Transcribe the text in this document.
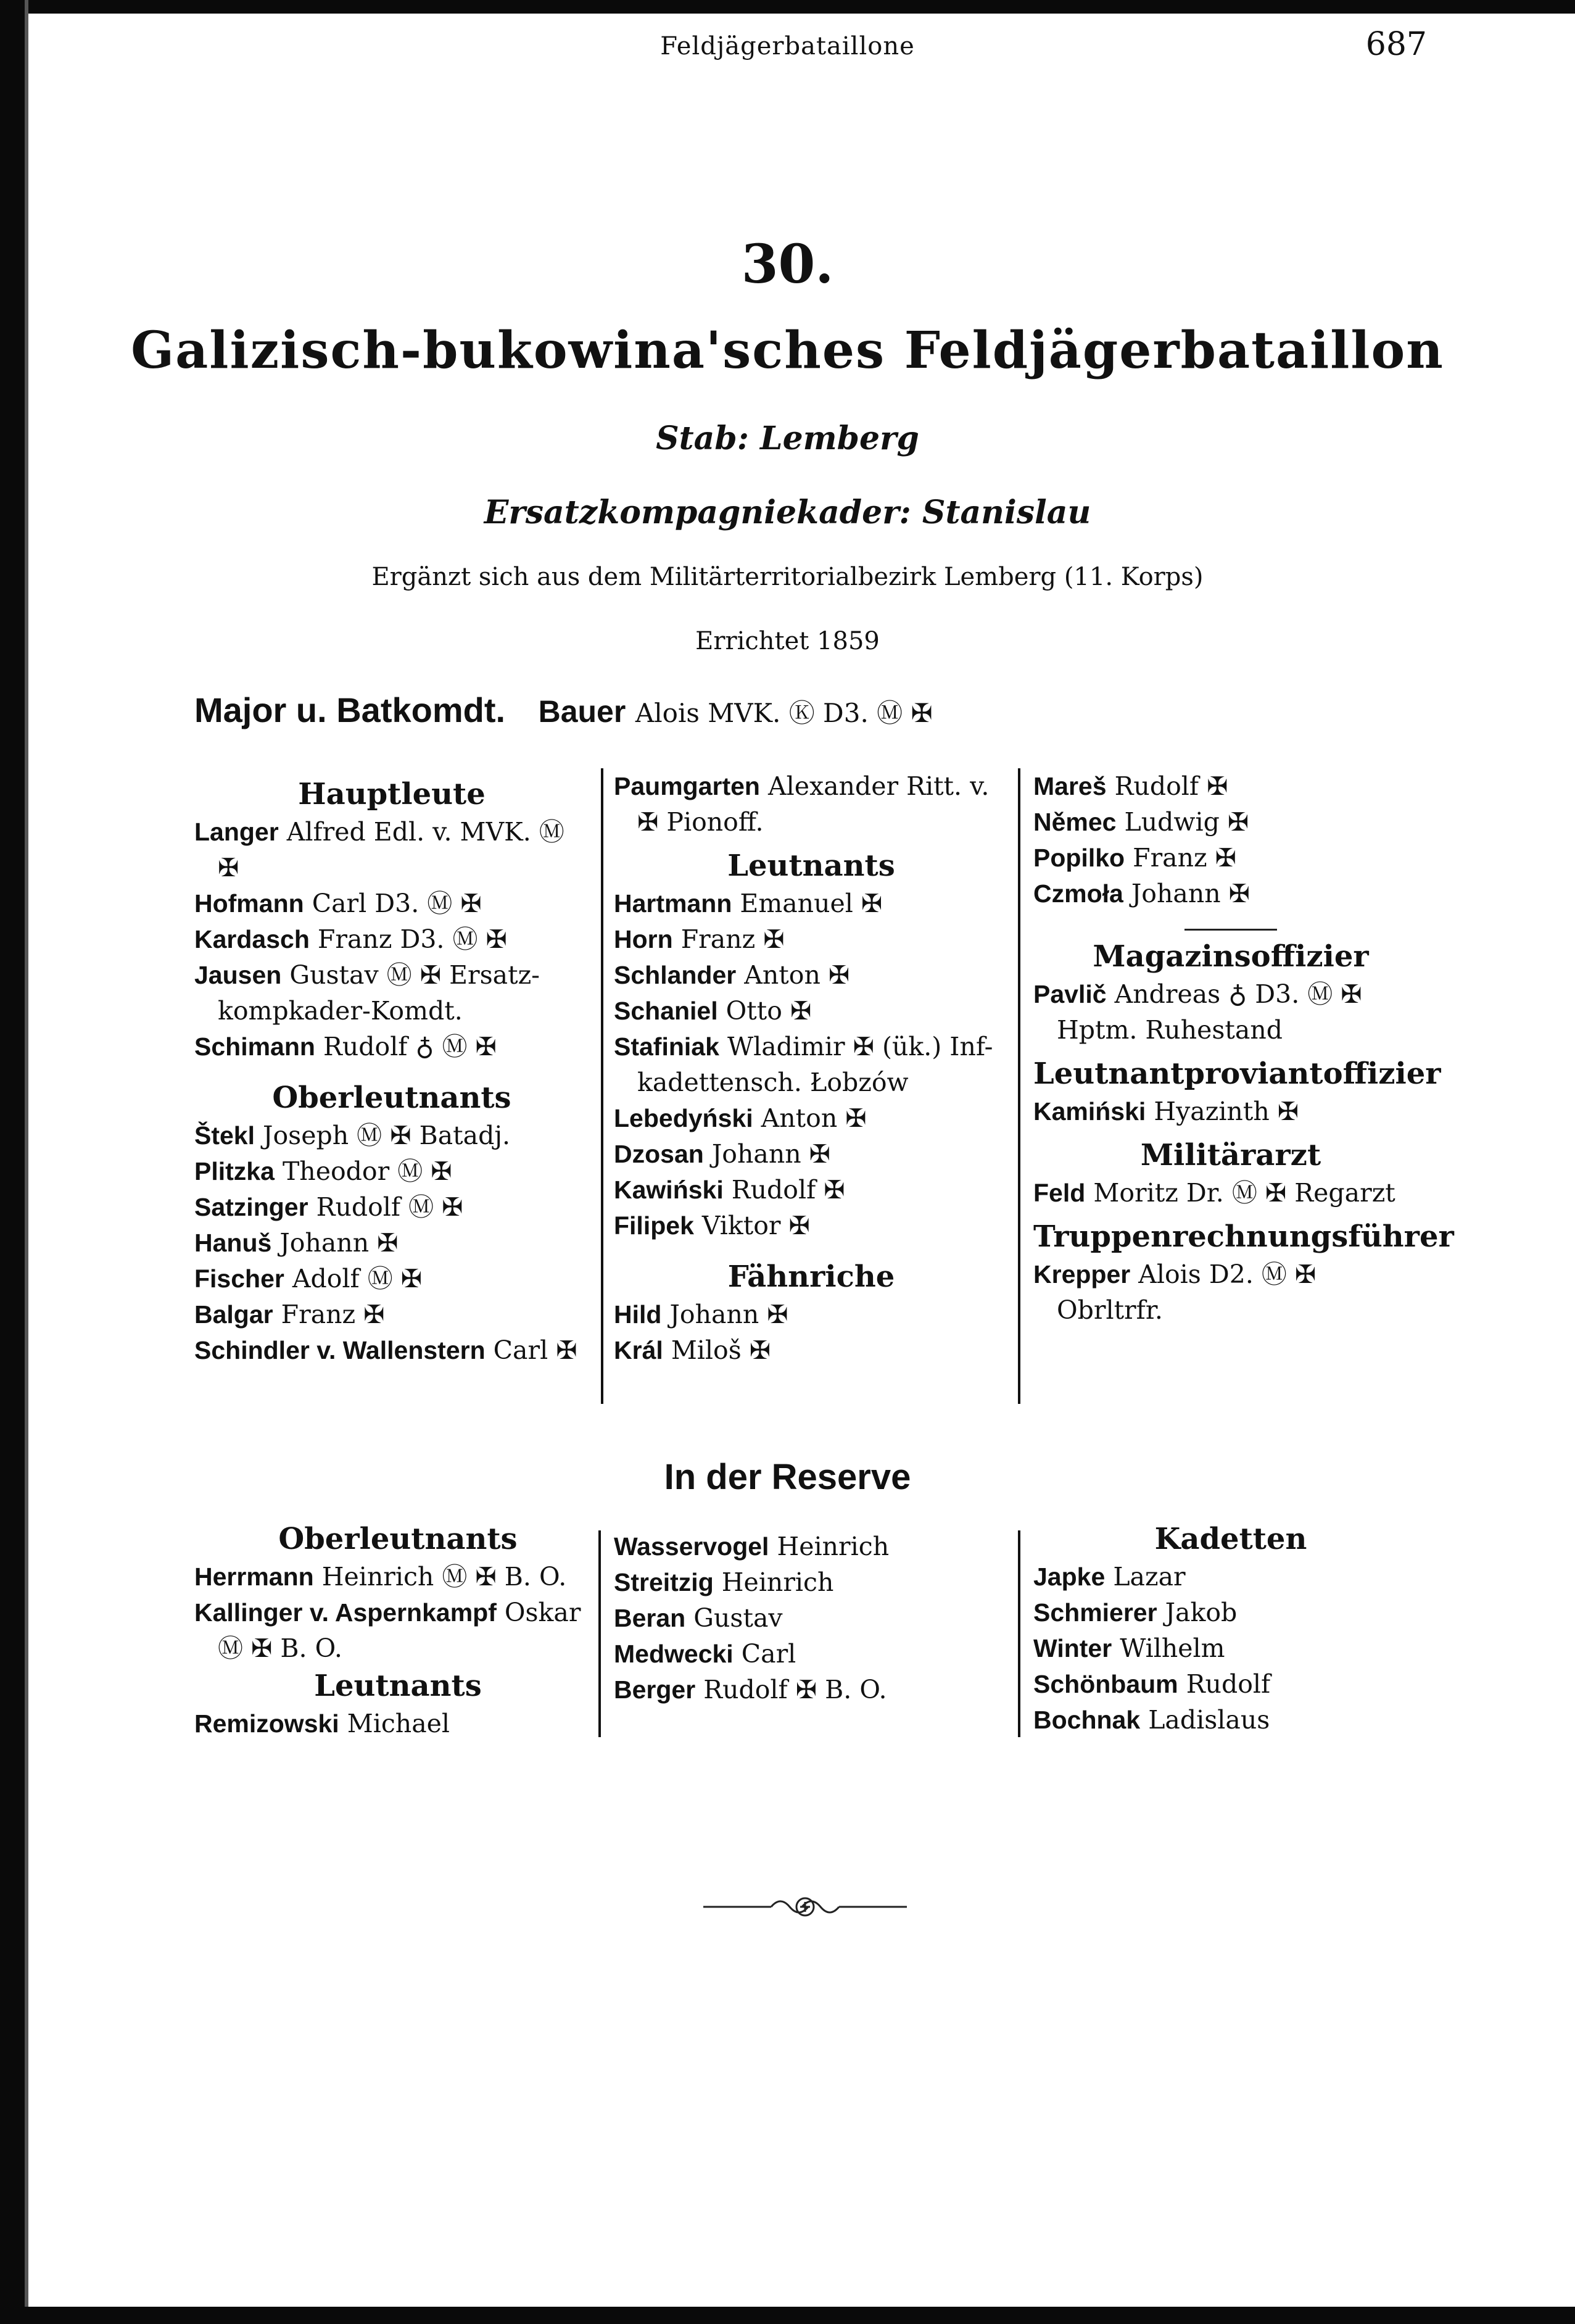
Feldjägerbataillone	687
30.
Galizisch-bukowina'sches Feldjägerbataillon
Stab: Lemberg
Ersatzkompagniekader: Stanislau
Ergänzt sich aus dem Militärterritorialbezirk Lemberg (11. Korps)
Errichtet 1859
Major u. Batkomdt. Bauer Alois MVK. Ⓚ D3. Ⓜ ✠
Hauptleute
Langer Alfred Edl. v. MVK. Ⓜ
✠
Hofmann Carl D3. Ⓜ ✠
Kardasch Franz D3. Ⓜ ✠
Jausen Gustav Ⓜ ✠ Ersatz-
kompkader-Komdt.
Schimann Rudolf ♁ Ⓜ ✠
Oberleutnants
Štekl Joseph Ⓜ ✠ Batadj.
Plitzka Theodor Ⓜ ✠
Satzinger Rudolf Ⓜ ✠
Hanuš Johann ✠
Fischer Adolf Ⓜ ✠
Balgar Franz ✠
Schindler v. Wallenstern Carl ✠
Paumgarten Alexander Ritt. v.
✠ Pionoff.
Leutnants
Hartmann Emanuel ✠
Horn Franz ✠
Schlander Anton ✠
Schaniel Otto ✠
Stafiniak Wladimir ✠ (ük.) Inf-
kadettensch. Łobzów
Lebedyński Anton ✠
Dzosan Johann ✠
Kawiński Rudolf ✠
Filipek Viktor ✠
Fähnriche
Hild Johann ✠
Král Miloš ✠
Mareš Rudolf ✠
Němec Ludwig ✠
Popilko Franz ✠
Czmoła Johann ✠
Magazinsoffizier
Pavlič Andreas ♁ D3. Ⓜ ✠
Hptm. Ruhestand
Leutnantproviantoffizier
Kamiński Hyazinth ✠
Militärarzt
Feld Moritz Dr. Ⓜ ✠ Regarzt
Truppenrechnungsführer
Krepper Alois D2. Ⓜ ✠
Obrltrfr.
In der Reserve
Oberleutnants
Herrmann Heinrich Ⓜ ✠ B. O.
Kallinger v. Aspernkampf Oskar
Ⓜ ✠ B. O.
Leutnants
Remizowski Michael
Wasservogel Heinrich
Streitzig Heinrich
Beran Gustav
Medwecki Carl
Berger Rudolf ✠ B. O.
Kadetten
Japke Lazar
Schmierer Jakob
Winter Wilhelm
Schönbaum Rudolf
Bochnak Ladislaus
